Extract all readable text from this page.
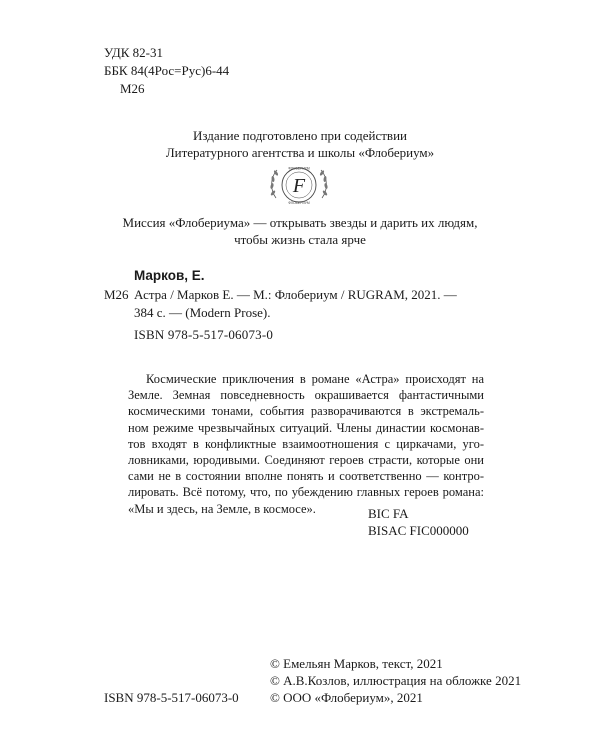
УДК 82-31
ББК 84(4Рос=Рус)6-44
М26
Издание подготовлено при содействии
Литературного агентства и школы «Флобериум»
F
ФЛОБЕРИУМ
ФЛОБЕРИУМ
Миссия «Флобериума» — открывать звезды и дарить их людям,
чтобы жизнь стала ярче
Марков, Е.
М26 Астра / Марков Е. — М.: Флобериум / RUGRAM, 2021. —
384 с. — (Modern Prose).
ISBN 978-5-517-06073-0
Космические приключения в романе «Астра» происходят на
Земле. Земная повседневность окрашивается фантастичными
космическими тонами, события разворачиваются в экстремаль-
ном режиме чрезвычайных ситуаций. Члены династии космонав-
тов входят в конфликтные взаимоотношения с циркачами, уго-
ловниками, юродивыми. Соединяют героев страсти, которые они
сами не в состоянии вполне понять и соответственно — контро-
лировать. Всё потому, что, по убеждению главных героев романа:
«Мы и здесь, на Земле, в космосе».	BIC FA
BISAC FIC000000
© Емельян Марков, текст, 2021
© А.В.Козлов, иллюстрация на обложке 2021
© ООО «Флобериум», 2021
ISBN 978-5-517-06073-0
